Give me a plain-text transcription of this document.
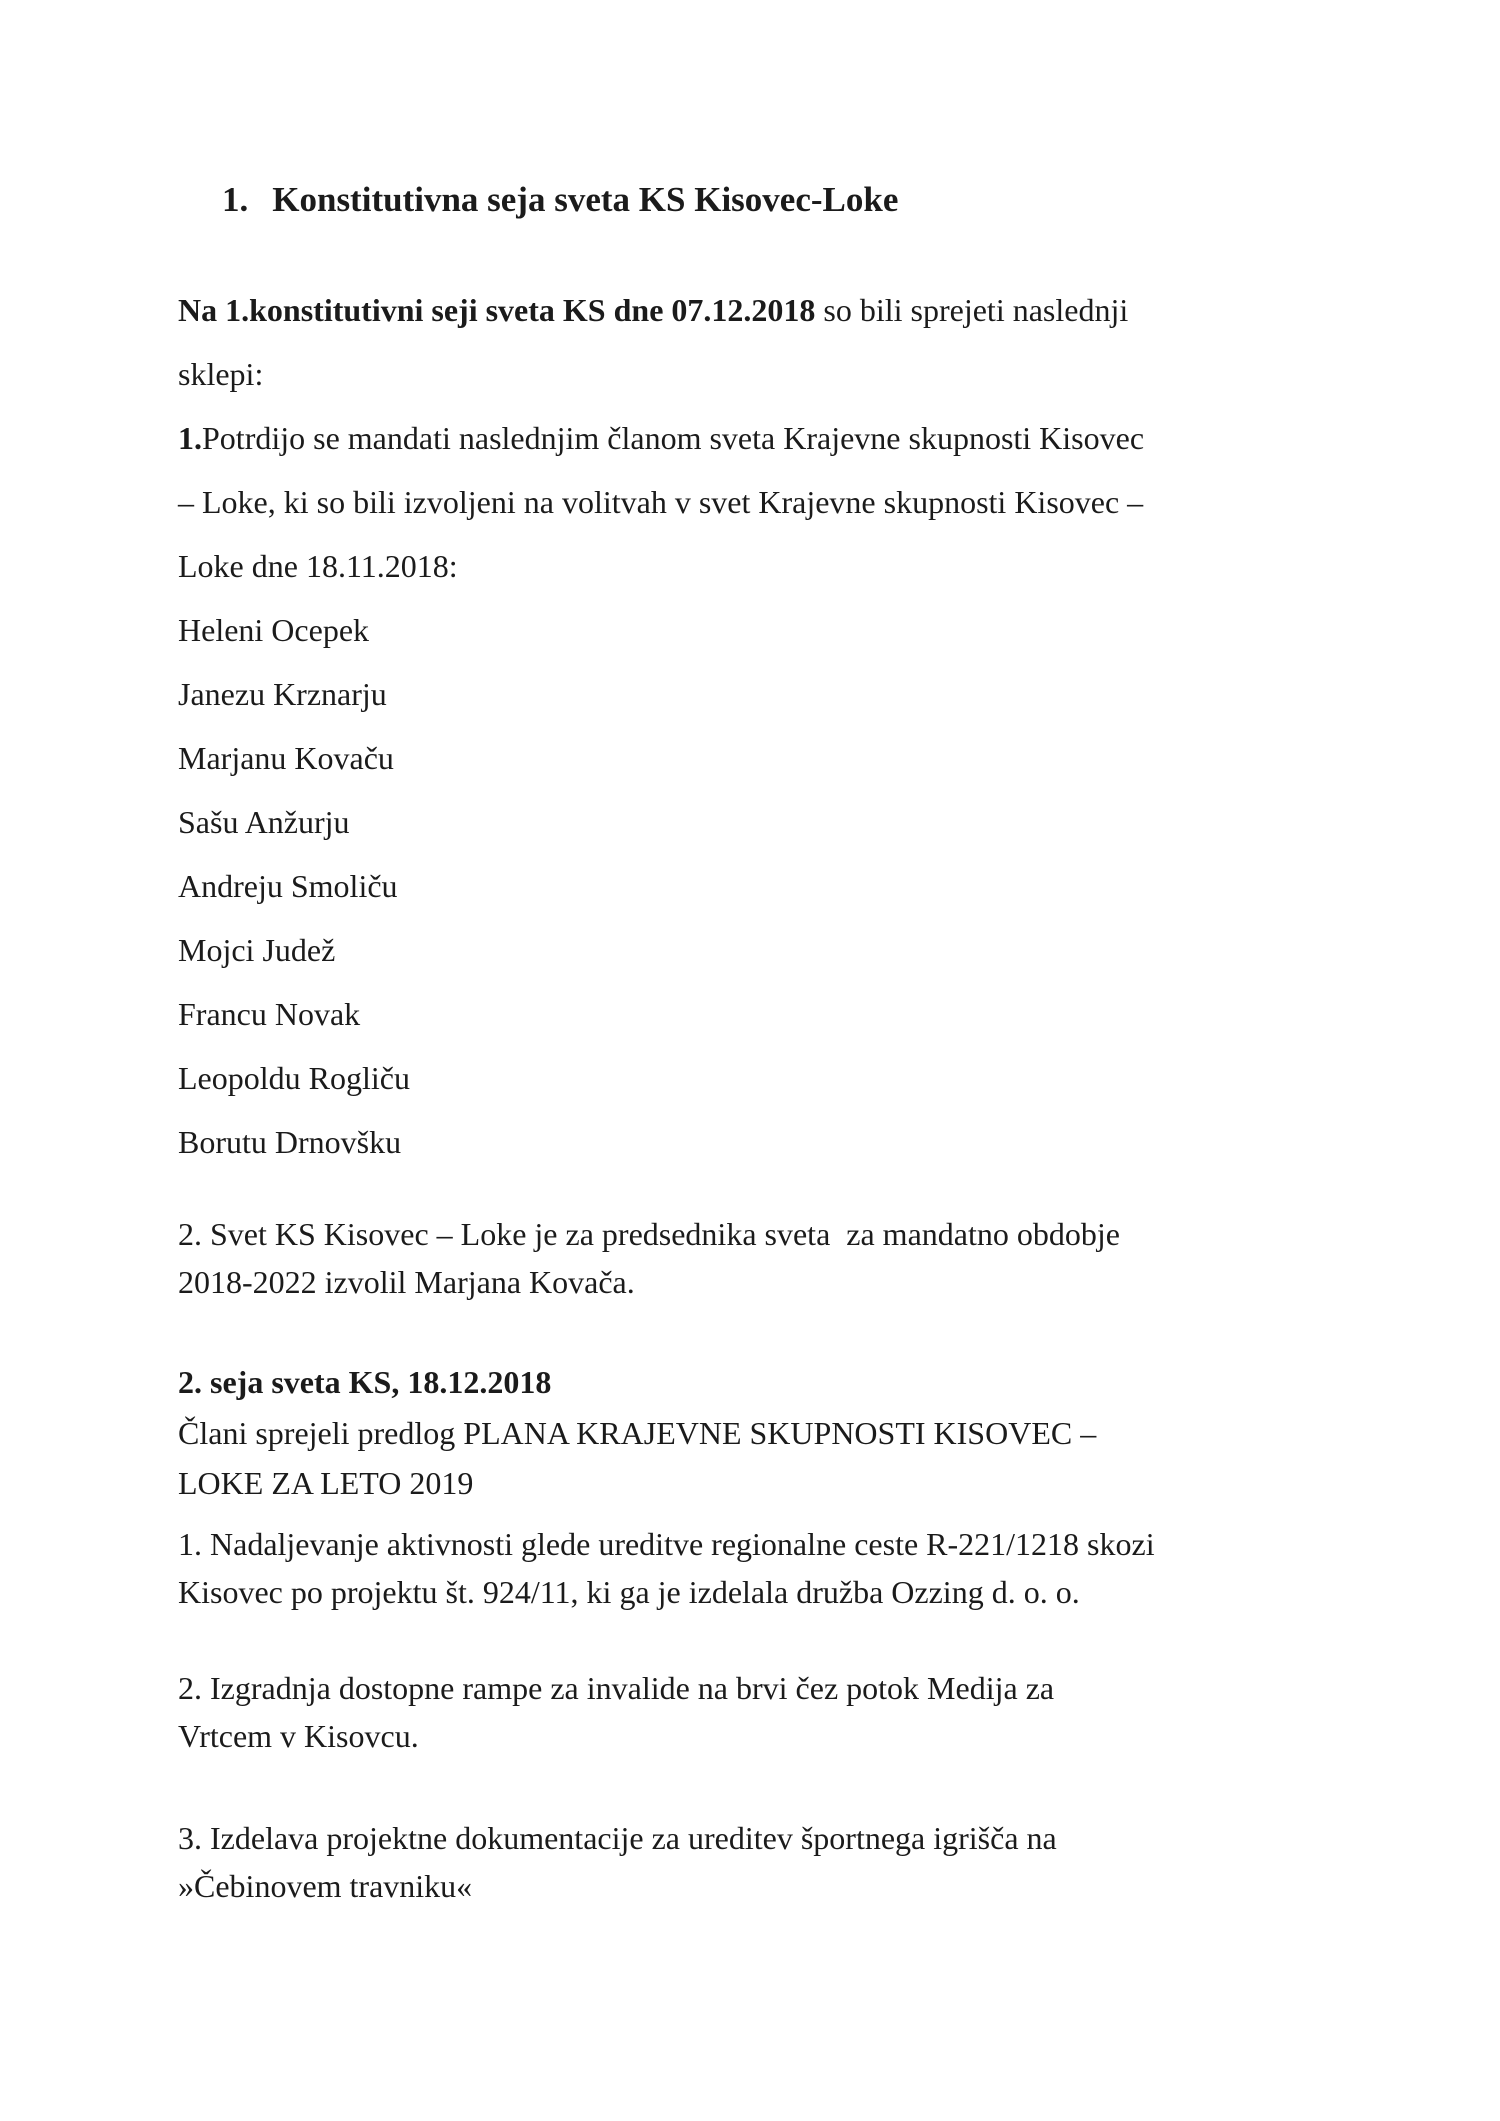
1. Konstitutivna seja sveta KS Kisovec-Loke
Na 1.konstitutivni seji sveta KS dne 07.12.2018 so bili sprejeti naslednji
sklepi:
1.Potrdijo se mandati naslednjim članom sveta Krajevne skupnosti Kisovec
– Loke, ki so bili izvoljeni na volitvah v svet Krajevne skupnosti Kisovec –
Loke dne 18.11.2018:
Heleni Ocepek
Janezu Krznarju
Marjanu Kovaču
Sašu Anžurju
Andreju Smoliču
Mojci Judež
Francu Novak
Leopoldu Rogliču
Borutu Drnovšku
2. Svet KS Kisovec – Loke je za predsednika sveta  za mandatno obdobje
2018-2022 izvolil Marjana Kovača.
2. seja sveta KS, 18.12.2018
Člani sprejeli predlog PLANA KRAJEVNE SKUPNOSTI KISOVEC –
LOKE ZA LETO 2019
1. Nadaljevanje aktivnosti glede ureditve regionalne ceste R-221/1218 skozi
Kisovec po projektu št. 924/11, ki ga je izdelala družba Ozzing d. o. o.
2. Izgradnja dostopne rampe za invalide na brvi čez potok Medija za
Vrtcem v Kisovcu.
3. Izdelava projektne dokumentacije za ureditev športnega igrišča na
»Čebinovem travniku«
